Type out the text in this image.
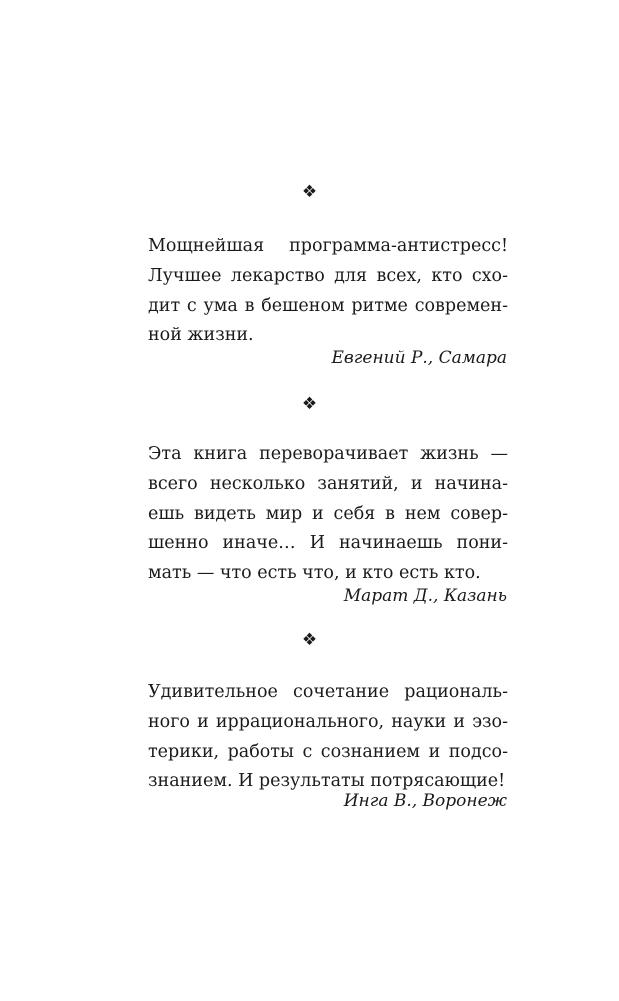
❖
Мощнейшая программа-антистресс!
Лучшее лекарство для всех, кто схо-
дит с ума в бешеном ритме современ-
ной жизни.
Евгений Р., Самара
❖
Эта книга переворачивает жизнь —
всего несколько занятий, и начина-
ешь видеть мир и себя в нем совер-
шенно иначе… И начинаешь пони-
мать — что есть что, и кто есть кто.
Марат Д., Казань
❖
Удивительное сочетание рациональ-
ного и иррационального, науки и эзо-
терики, работы с сознанием и подсо-
знанием. И результаты потрясающие!
Инга В., Воронеж
